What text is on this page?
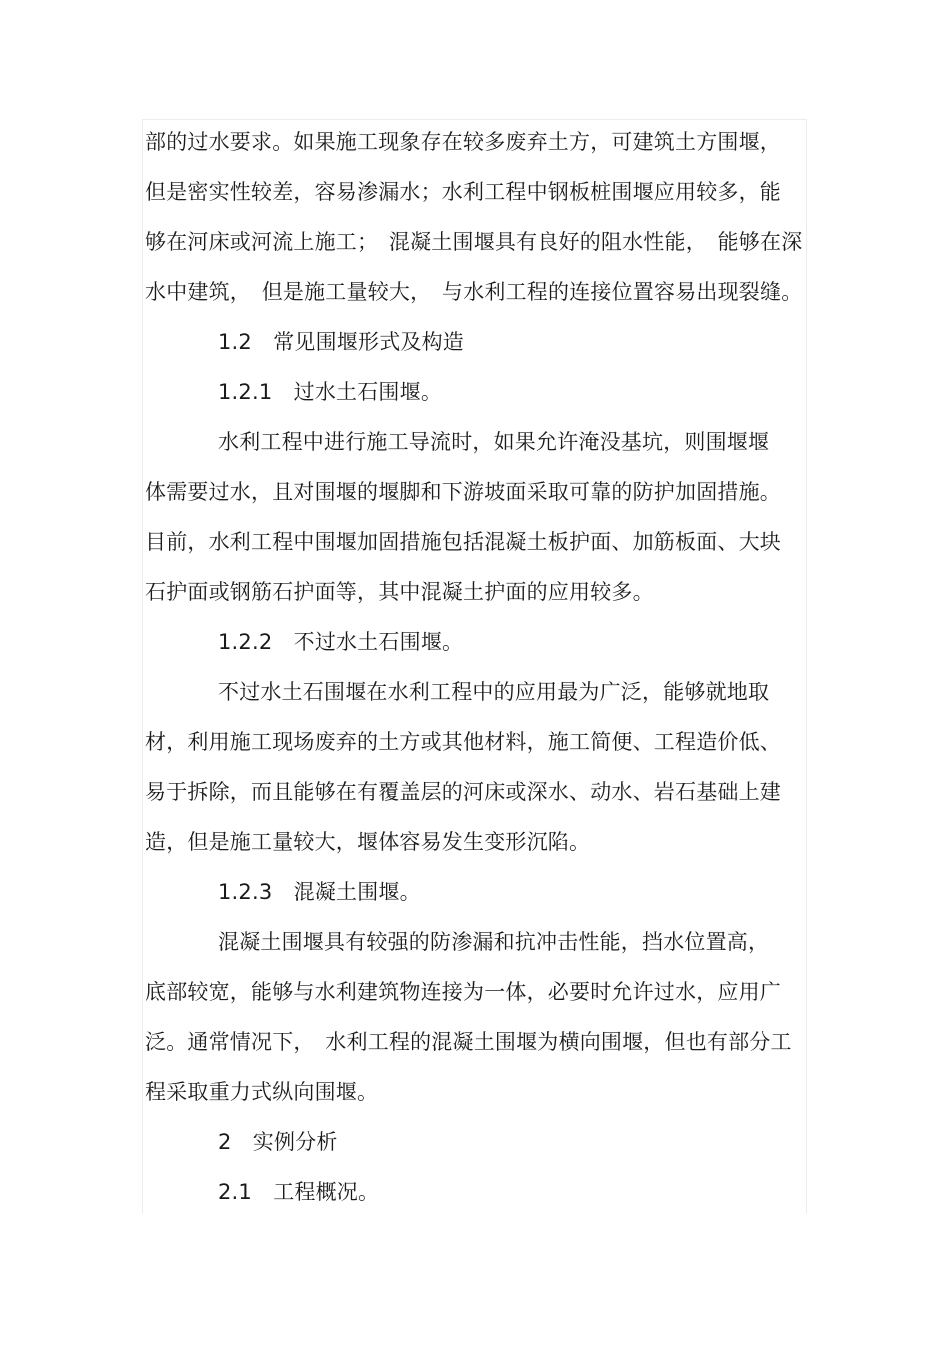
部的过水要求。如果施工现象存在较多废弃土方，可建筑土方围堰，
但是密实性较差，容易渗漏水；水利工程中钢板桩围堰应用较多，能
够在河床或河流上施工；　混凝土围堰具有良好的阻水性能，　能够在深
水中建筑，　但是施工量较大，　与水利工程的连接位置容易出现裂缝。
1.2　常见围堰形式及构造
1.2.1　过水土石围堰。
水利工程中进行施工导流时，如果允许淹没基坑，则围堰堰
体需要过水，且对围堰的堰脚和下游坡面采取可靠的防护加固措施。
目前，水利工程中围堰加固措施包括混凝土板护面、加筋板面、大块
石护面或钢筋石护面等，其中混凝土护面的应用较多。
1.2.2　不过水土石围堰。
不过水土石围堰在水利工程中的应用最为广泛，能够就地取
材，利用施工现场废弃的土方或其他材料，施工简便、工程造价低、
易于拆除，而且能够在有覆盖层的河床或深水、动水、岩石基础上建
造，但是施工量较大，堰体容易发生变形沉陷。
1.2.3　混凝土围堰。
混凝土围堰具有较强的防渗漏和抗冲击性能，挡水位置高，
底部较宽，能够与水利建筑物连接为一体，必要时允许过水，应用广
泛。通常情况下，　水利工程的混凝土围堰为横向围堰，但也有部分工
程采取重力式纵向围堰。
2　实例分析
2.1　工程概况。
